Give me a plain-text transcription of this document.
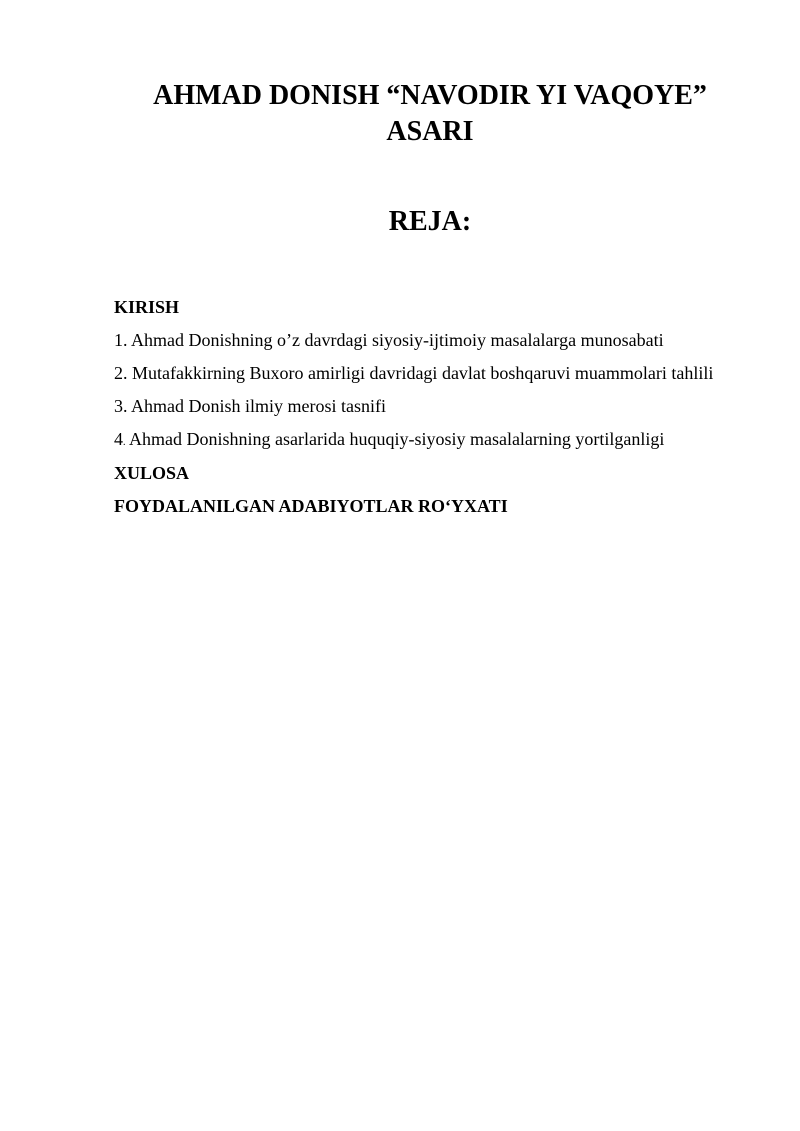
AHMAD DONISH “NAVODIR YI VAQOYE”
ASARI
REJA:
KIRISH
1. Ahmad Donishning o’z davrdagi siyosiy-ijtimoiy masalalarga munosabati
2. Mutafakkirning Buxoro amirligi davridagi davlat boshqaruvi muammolari tahlili
3. Ahmad Donish ilmiy merosi tasnifi
4. Ahmad Donishning asarlarida huquqiy-siyosiy masalalarning yortilganligi
XULOSA
FOYDALANILGAN ADABIYOTLAR RO‘YXATI
